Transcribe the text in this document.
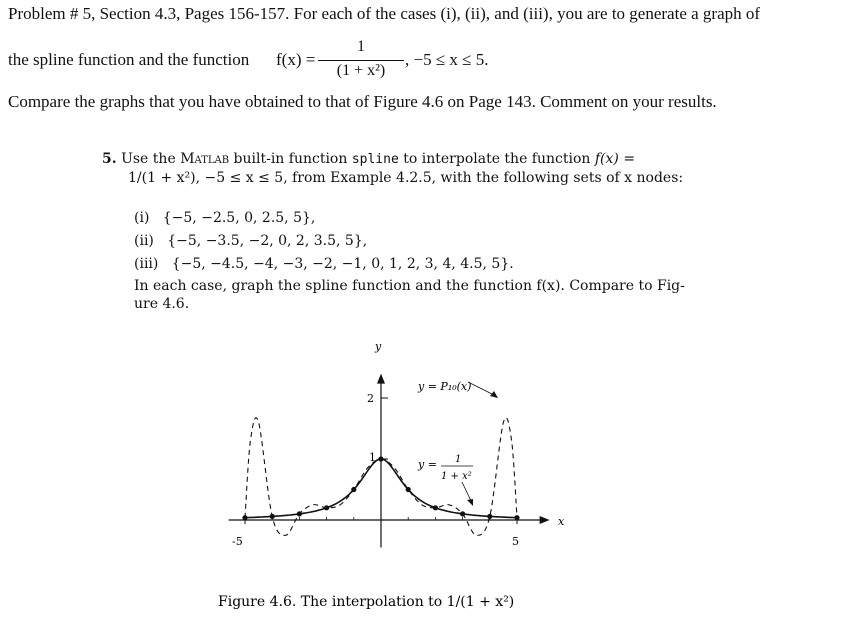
Problem # 5, Section 4.3, Pages 156-157. For each of the cases (i), (ii), and (iii), you are to generate a graph of
the spline function and the function f(x) =
1
(1 + x²)
, −5 ≤ x ≤ 5.
Compare the graphs that you have obtained to that of Figure 4.6 on Page 143. Comment on your results.
5. Use the Matlab built-in function spline to interpolate the function f(x) =
1/(1 + x²), −5 ≤ x ≤ 5, from Example 4.2.5, with the following sets of x nodes:
(i) {−5, −2.5, 0, 2.5, 5},
(ii) {−5, −3.5, −2, 0, 2, 3.5, 5},
(iii) {−5, −4.5, −4, −3, −2, −1, 0, 1, 2, 3, 4, 4.5, 5}.
In each case, graph the spline function and the function f(x). Compare to Fig-
ure 4.6.
y
x
-5	5
1
2
y = P₁₀(x)
y = 1
1 + x²
Figure 4.6. The interpolation to 1/(1 + x²)
